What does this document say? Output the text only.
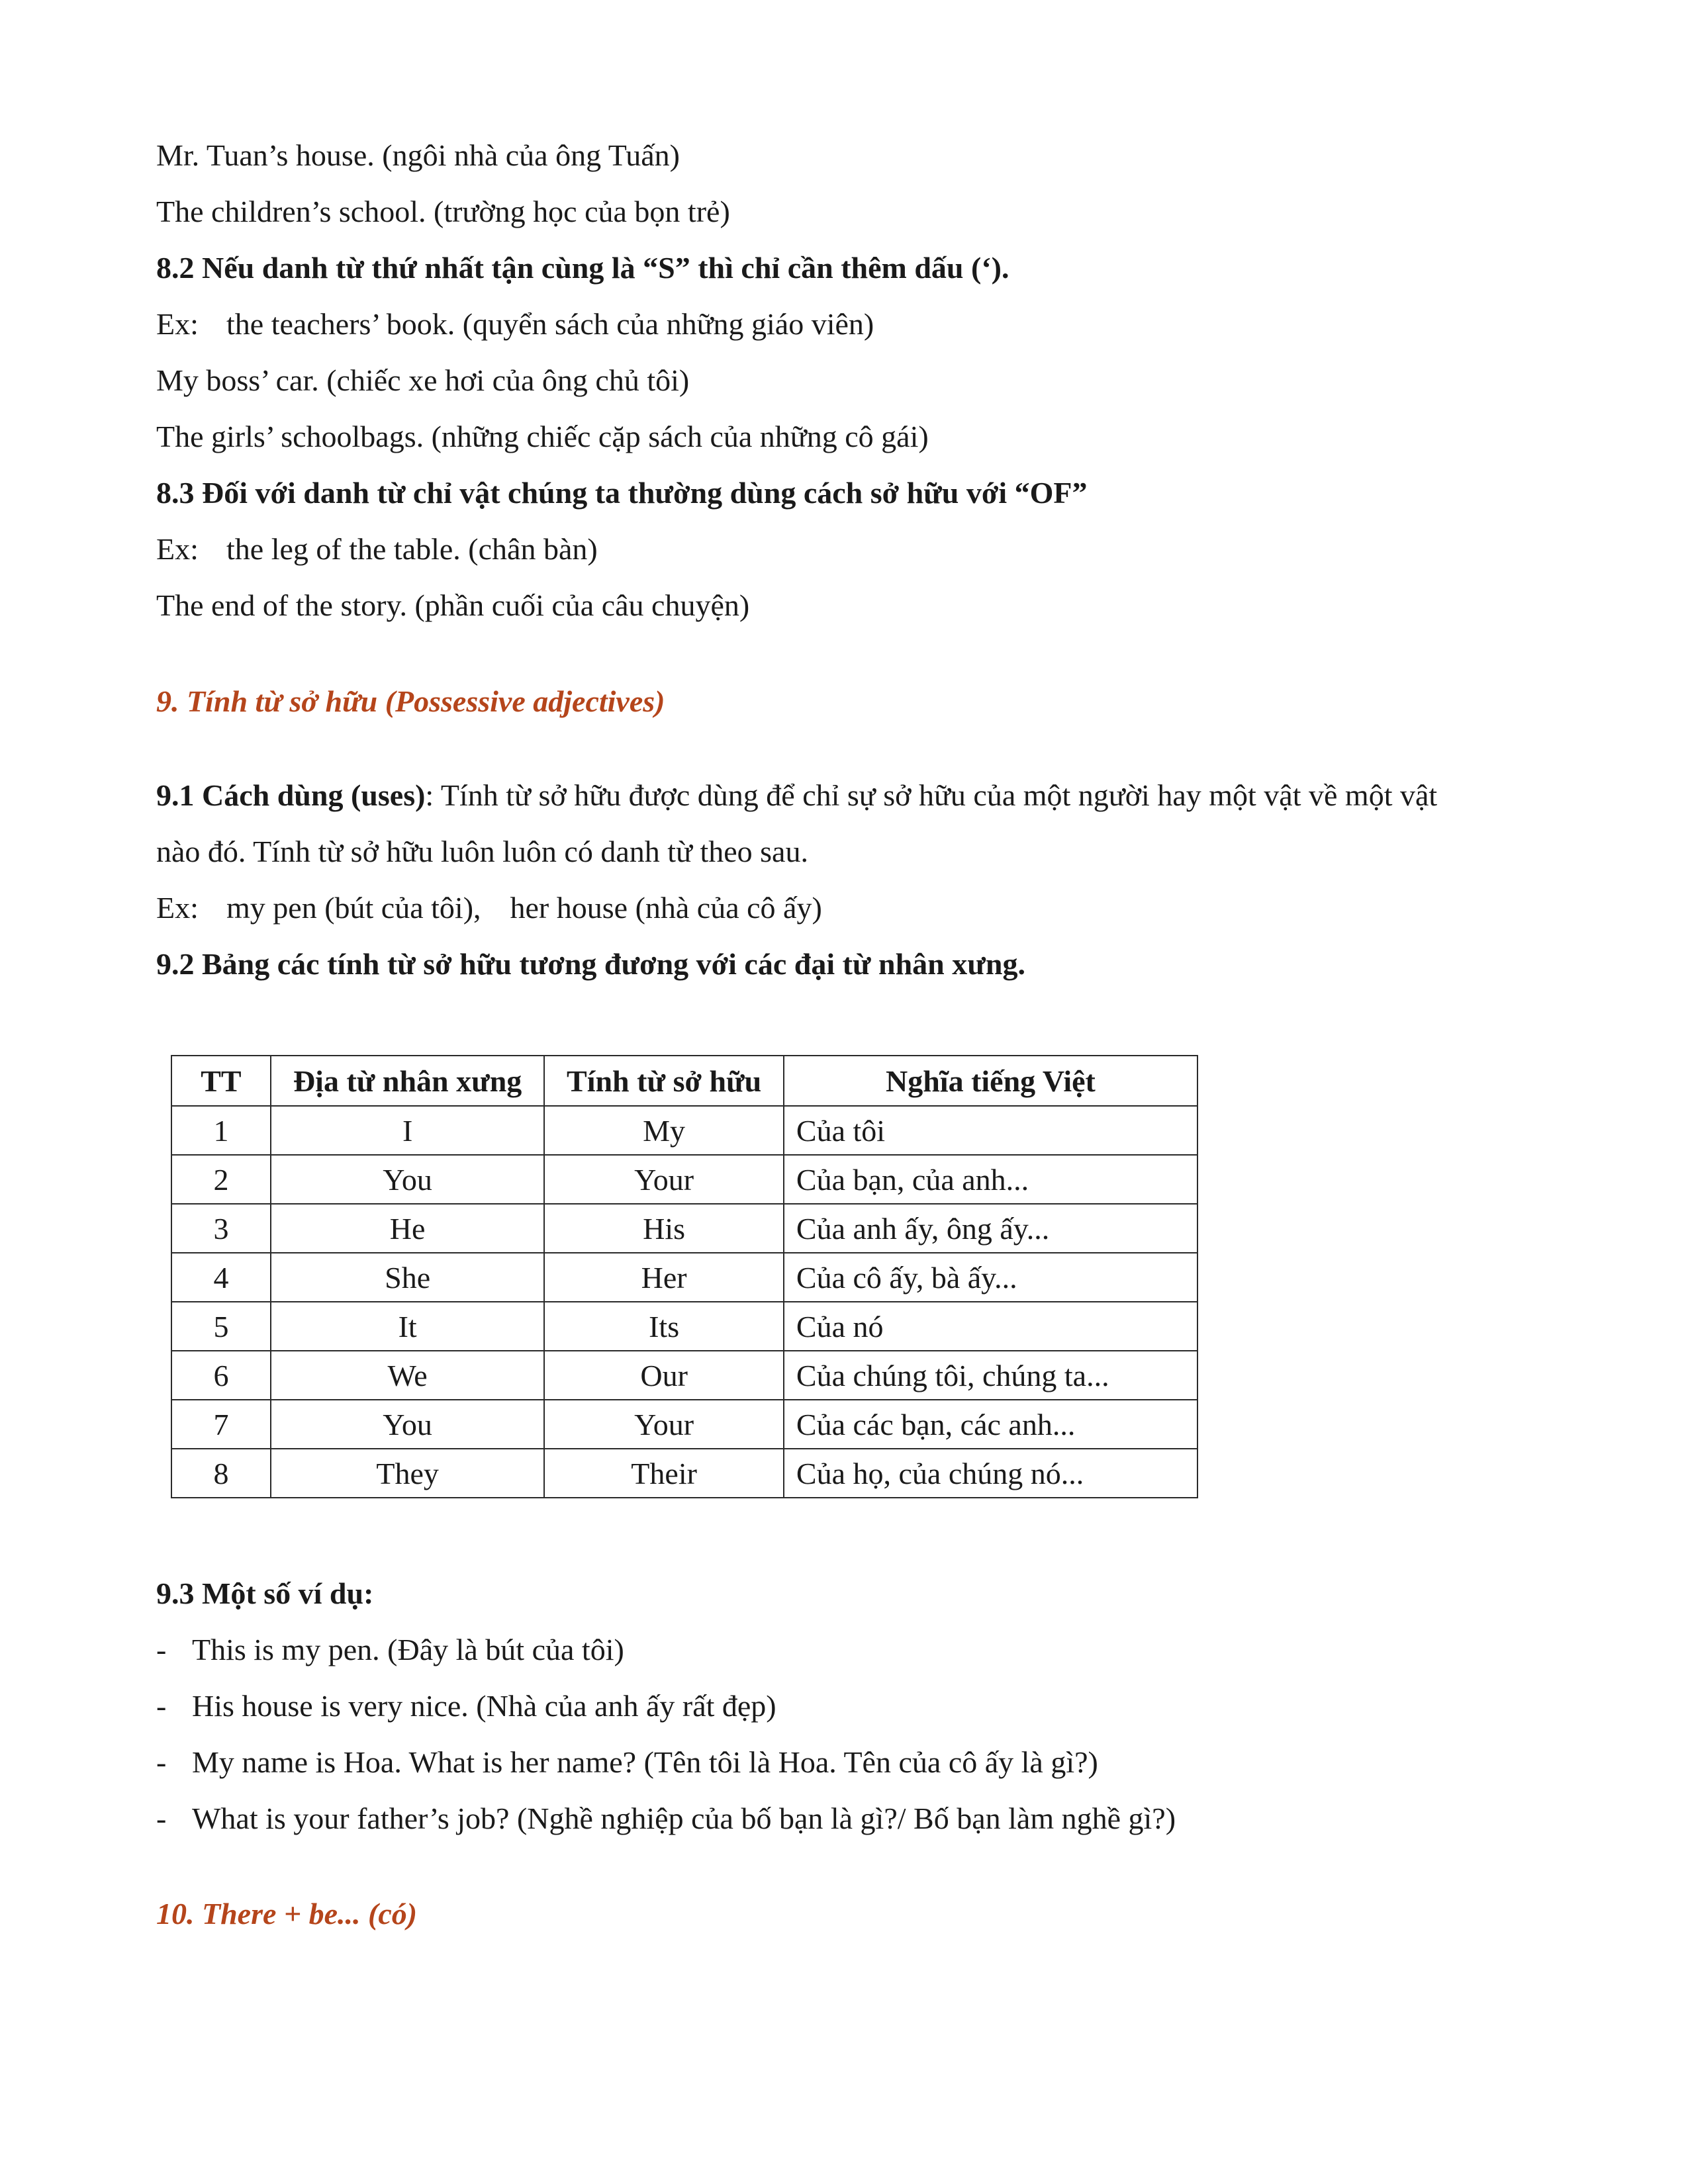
Mr. Tuan’s house. (ngôi nhà của ông Tuấn)
The children’s school. (trường học của bọn trẻ)
8.2 Nếu danh từ thứ nhất tận cùng là “S” thì chỉ cần thêm dấu (‘).
Ex: the teachers’ book. (quyển sách của những giáo viên)
My boss’ car. (chiếc xe hơi của ông chủ tôi)
The girls’ schoolbags. (những chiếc cặp sách của những cô gái)
8.3 Đối với danh từ chỉ vật chúng ta thường dùng cách sở hữu với “OF”
Ex: the leg of the table. (chân bàn)
The end of the story. (phần cuối của câu chuyện)
9. Tính từ sở hữu (Possessive adjectives)
9.1 Cách dùng (uses): Tính từ sở hữu được dùng để chỉ sự sở hữu của một người hay một vật về một vật
nào đó. Tính từ sở hữu luôn luôn có danh từ theo sau.
Ex: my pen (bút của tôi), her house (nhà của cô ấy)
9.2 Bảng các tính từ sở hữu tương đương với các đại từ nhân xưng.
TT	Địa từ nhân xưng	Tính từ sở hữu	Nghĩa tiếng Việt
1	I	My	Của tôi
2	You	Your	Của bạn, của anh...
3	He	His	Của anh ấy, ông ấy...
4	She	Her	Của cô ấy, bà ấy...
5	It	Its	Của nó
6	We	Our	Của chúng tôi, chúng ta...
7	You	Your	Của các bạn, các anh...
8	They	Their	Của họ, của chúng nó...
9.3 Một số ví dụ:
- This is my pen. (Đây là bút của tôi)
- His house is very nice. (Nhà của anh ấy rất đẹp)
- My name is Hoa. What is her name? (Tên tôi là Hoa. Tên của cô ấy là gì?)
- What is your father’s job? (Nghề nghiệp của bố bạn là gì?/ Bố bạn làm nghề gì?)
10. There + be... (có)
